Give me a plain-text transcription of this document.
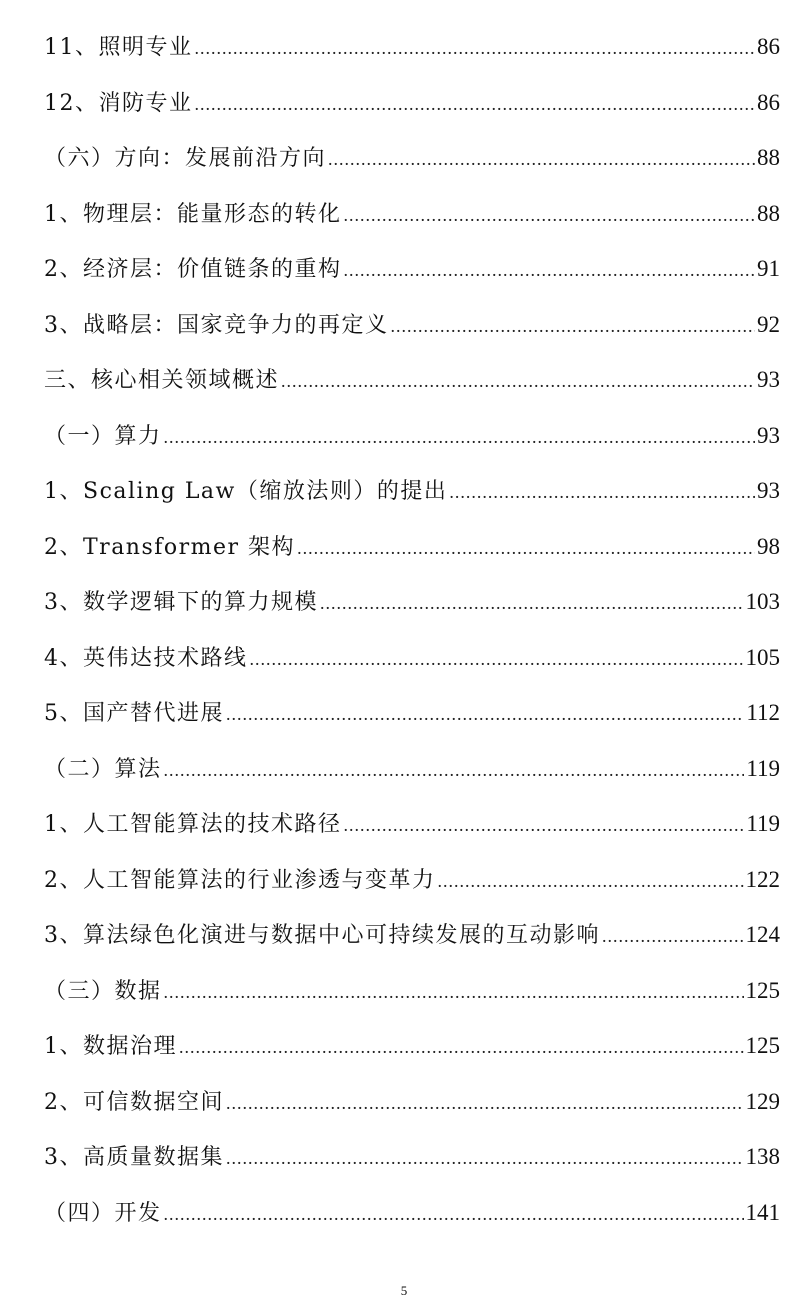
11、照明专业 .....	86
12、消防专业 .....	86
（六）方向：发展前沿方向 .....	88
1、物理层：能量形态的转化 .....	88
2、经济层：价值链条的重构 .....	91
3、战略层：国家竞争力的再定义 .....	92
三、核心相关领域概述 .....	93
（一）算力 .....	93
1、Scaling Law（缩放法则）的提出 .....	93
2、Transformer 架构 .....	98
3、数学逻辑下的算力规模 .....	103
4、英伟达技术路线 .....	105
5、国产替代进展 .....	112
（二）算法 .....	119
1、人工智能算法的技术路径 .....	119
2、人工智能算法的行业渗透与变革力 .....	122
3、算法绿色化演进与数据中心可持续发展的互动影响 .....	124
（三）数据 .....	125
1、数据治理 .....	125
2、可信数据空间 .....	129
3、高质量数据集 .....	138
（四）开发 .....	141
5
